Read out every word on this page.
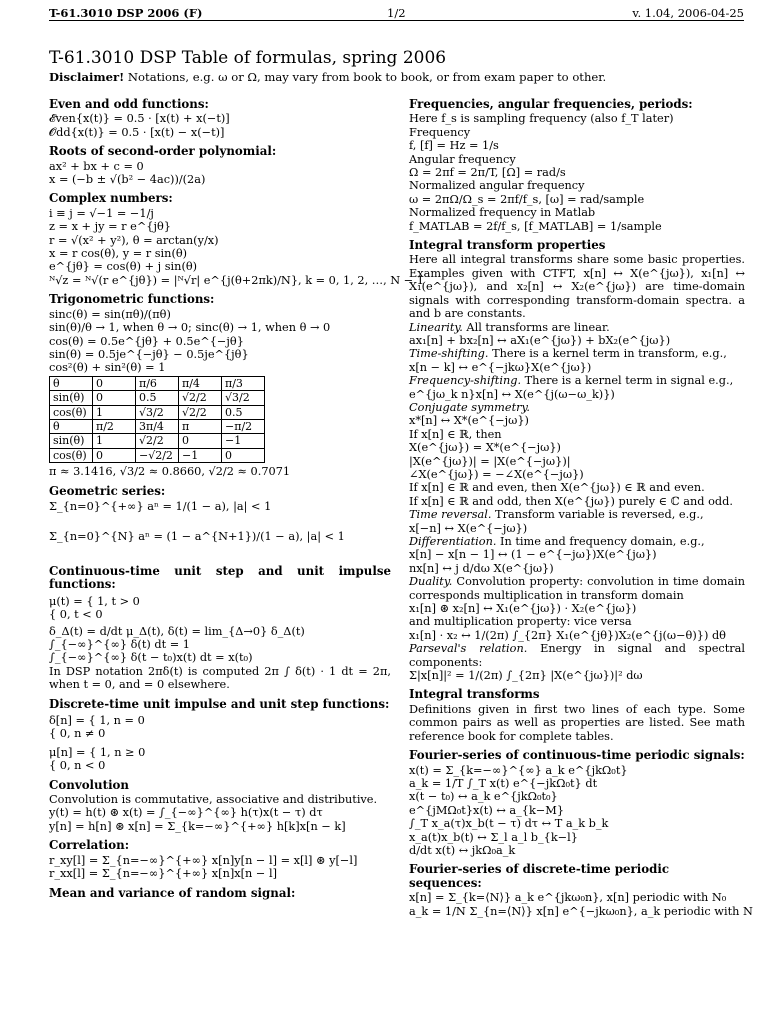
T-61.3010 DSP 2006 (F)	1/2	v. 1.04, 2006-04-25
T-61.3010 DSP Table of formulas, spring 2006
Disclaimer! Notations, e.g. ω or Ω, may vary from book to book, or from exam paper to other.
Even and odd functions:
𝓔ven{x(t)} = 0.5 · [x(t) + x(−t)]
𝓞dd{x(t)} = 0.5 · [x(t) − x(−t)]
Roots of second-order polynomial:
ax² + bx + c = 0
x = (−b ± √(b² − 4ac))/(2a)
Complex numbers:
i ≡ j = √−1 = −1/j
z = x + jy = r e^{jθ}
r = √(x² + y²), θ = arctan(y/x)
x = r cos(θ), y = r sin(θ)
e^{jθ} = cos(θ) + j sin(θ)
ᴺ√z = ᴺ√(r e^{jθ}) = |ᴺ√r| e^{j(θ+2πk)/N}, k = 0, 1, 2, …, N − 1
Trigonometric functions:
sinc(θ) = sin(πθ)/(πθ)
sin(θ)/θ → 1, when θ → 0; sinc(θ) → 1, when θ → 0
cos(θ) = 0.5e^{jθ} + 0.5e^{−jθ}
sin(θ) = 0.5je^{−jθ} − 0.5je^{jθ}
cos²(θ) + sin²(θ) = 1
θ	0	π/6	π/4	π/3
sin(θ)	0	0.5	√2/2	√3/2
cos(θ)	1	√3/2	√2/2	0.5
θ	π/2	3π/4	π	−π/2
sin(θ)	1	√2/2	0	−1
cos(θ)	0	−√2/2	−1	0
π ≈ 3.1416, √3/2 ≈ 0.8660, √2/2 ≈ 0.7071
Geometric series:
Σ_{n=0}^{+∞} aⁿ = 1/(1 − a), |a| < 1
Σ_{n=0}^{N} aⁿ = (1 − a^{N+1})/(1 − a), |a| < 1
Continuous-time unit step and unit impulse functions:
μ(t) = { 1, t > 0
{ 0, t < 0
δ_Δ(t) = d/dt μ_Δ(t), δ(t) = lim_{Δ→0} δ_Δ(t)
∫_{−∞}^{∞} δ(t) dt = 1
∫_{−∞}^{∞} δ(t − t₀)x(t) dt = x(t₀)
In DSP notation 2πδ(t) is computed 2π ∫ δ(t) · 1 dt = 2π, when t = 0, and = 0 elsewhere.
Discrete-time unit impulse and unit step functions:
δ[n] = { 1, n = 0
{ 0, n ≠ 0
μ[n] = { 1, n ≥ 0
{ 0, n < 0
Convolution
Convolution is commutative, associative and distributive.
y(t) = h(t) ⊛ x(t) = ∫_{−∞}^{∞} h(τ)x(t − τ) dτ
y[n] = h[n] ⊛ x[n] = Σ_{k=−∞}^{+∞} h[k]x[n − k]
Correlation:
r_xy[l] = Σ_{n=−∞}^{+∞} x[n]y[n − l] = x[l] ⊛ y[−l]
r_xx[l] = Σ_{n=−∞}^{+∞} x[n]x[n − l]
Mean and variance of random signal:
Frequencies, angular frequencies, periods:
Here f_s is sampling frequency (also f_T later)
Frequency
f, [f] = Hz = 1/s
Angular frequency
Ω = 2πf = 2π/T, [Ω] = rad/s
Normalized angular frequency
ω = 2πΩ/Ω_s = 2πf/f_s, [ω] = rad/sample
Normalized frequency in Matlab
f_MATLAB = 2f/f_s, [f_MATLAB] = 1/sample
Integral transform properties
Here all integral transforms share some basic properties. Examples given with CTFT, x[n] ↔ X(e^{jω}), x₁[n] ↔ X₁(e^{jω}), and x₂[n] ↔ X₂(e^{jω}) are time-domain signals with corresponding transform-domain spectra. a and b are constants.
Linearity. All transforms are linear.
ax₁[n] + bx₂[n] ↔ aX₁(e^{jω}) + bX₂(e^{jω})
Time-shifting. There is a kernel term in transform, e.g.,
x[n − k] ↔ e^{−jkω}X(e^{jω})
Frequency-shifting. There is a kernel term in signal e.g.,
e^{jω_k n}x[n] ↔ X(e^{j(ω−ω_k)})
Conjugate symmetry.
x*[n] ↔ X*(e^{−jω})
If x[n] ∈ ℝ, then
X(e^{jω}) = X*(e^{−jω})
|X(e^{jω})| = |X(e^{−jω})|
∠X(e^{jω}) = −∠X(e^{−jω})
If x[n] ∈ ℝ and even, then X(e^{jω}) ∈ ℝ and even.
If x[n] ∈ ℝ and odd, then X(e^{jω}) purely ∈ ℂ and odd.
Time reversal. Transform variable is reversed, e.g.,
x[−n] ↔ X(e^{−jω})
Differentiation. In time and frequency domain, e.g.,
x[n] − x[n − 1] ↔ (1 − e^{−jω})X(e^{jω})
nx[n] ↔ j d/dω X(e^{jω})
Duality. Convolution property: convolution in time domain corresponds multiplication in transform domain
x₁[n] ⊛ x₂[n] ↔ X₁(e^{jω}) · X₂(e^{jω})
and multiplication property: vice versa
x₁[n] · x₂ ↔ 1/(2π) ∫_{2π} X₁(e^{jθ})X₂(e^{j(ω−θ)}) dθ
Parseval's relation. Energy in signal and spectral components:
Σ|x[n]|² = 1/(2π) ∫_{2π} |X(e^{jω})|² dω
Integral transforms
Definitions given in first two lines of each type. Some common pairs as well as properties are listed. See math reference book for complete tables.
Fourier-series of continuous-time periodic signals:
x(t) = Σ_{k=−∞}^{∞} a_k e^{jkΩ₀t}
a_k = 1/T ∫_T x(t) e^{−jkΩ₀t} dt
x(t − t₀) ↔ a_k e^{jkΩ₀t₀}
e^{jMΩ₀t}x(t) ↔ a_{k−M}
∫_T x_a(τ)x_b(t − τ) dτ ↔ T a_k b_k
x_a(t)x_b(t) ↔ Σ_l a_l b_{k−l}
d/dt x(t) ↔ jkΩ₀a_k
Fourier-series of discrete-time periodic sequences:
x[n] = Σ_{k=⟨N⟩} a_k e^{jkω₀n}, x[n] periodic with N₀
a_k = 1/N Σ_{n=⟨N⟩} x[n] e^{−jkω₀n}, a_k periodic with N
